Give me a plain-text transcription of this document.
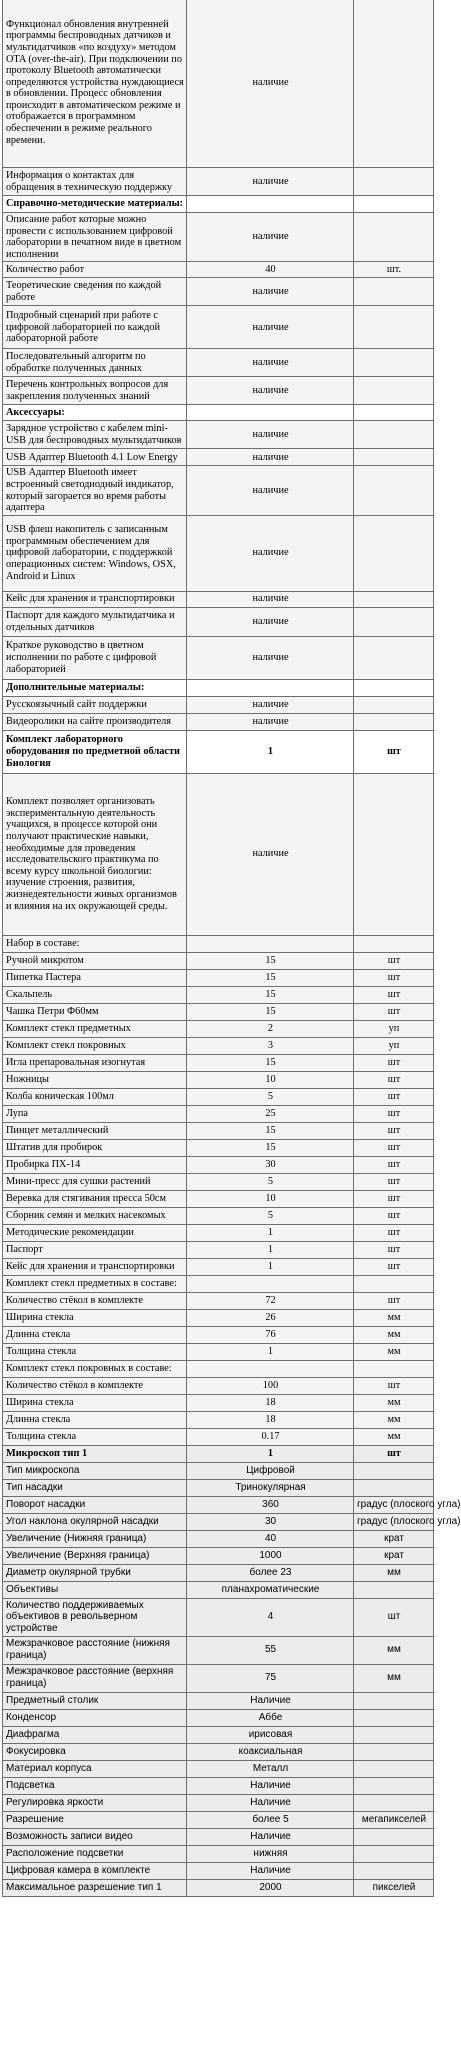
Функционал обновления внутренней программы беспроводных датчиков и мультидатчиков «по воздуху» методом OTA (over-the-air). При подключении по протоколу Bluetooth автоматически определяются устройства нуждающиеся в обновлении. Процесс обновления происходит в автоматическом режиме и отображается в программном обеспечении в режиме реального времени.	наличие	
Информация о контактах для обращения в техническую поддержку	наличие	
Справочно-методические материалы:		
Описание работ которые можно провести с использованием цифровой лаборатории в печатном виде в цветном исполнении	наличие	
Количество работ	40	шт.
Теоретические сведения по каждой работе	наличие	
Подробный сценарий при работе с цифровой лабораторией по каждой лабораторной работе	наличие	
Последовательный алгоритм по обработке полученных данных	наличие	
Перечень контрольных вопросов для закрепления полученных знаний	наличие	
Аксессуары:		
Зарядное устройство с кабелем mini-USB для беспроводных мультидатчиков	наличие	
USB Адаптер Bluetooth 4.1 Low Energy	наличие	
USB Адаптер Bluetooth имеет встроенный светодиодный индикатор, который загорается во время работы адаптера	наличие	
USB флеш накопитель с записанным программным обеспечением для цифровой лаборатории, с поддержкой операционных систем: Windows, OSX, Android и Linux	наличие	
Кейс для хранения и транспортировки	наличие	
Паспорт для каждого мультидатчика и отдельных датчиков	наличие	
Краткое руководство в цветном исполнении по работе с цифровой лабораторией	наличие	
Дополнительные материалы:		
Русскоязычный сайт поддержки	наличие	
Видеоролики на сайте производителя	наличие	
Комплект лабораторного оборудования по предметной области Биология	1	шт
Комплект позволяет организовать экспериментальную деятельность учащихся, в процессе которой они получают практические навыки, необходимые для проведения исследовательского практикума по всему курсу школьной биологии: изучение строения, развития, жизнедеятельности живых организмов и влияния на их окружающей среды.	наличие	
Набор в составе:		
Ручной микротом	15	шт
Пипетка Пастера	15	шт
Скальпель	15	шт
Чашка Петри Ф60мм	15	шт
Комплект стекл предметных	2	уп
Комплект стекл покровных	3	уп
Игла препаровальная изогнутая	15	шт
Ножницы	10	шт
Колба коническая 100мл	5	шт
Лупа	25	шт
Пинцет металлический	15	шт
Штатив для пробирок	15	шт
Пробирка ПХ-14	30	шт
Мини-пресс для сушки растений	5	шт
Веревка для стягивания пресса 50см	10	шт
Сборник семян и мелких насекомых	5	шт
Методические рекомендации	1	шт
Паспорт	1	шт
Кейс для хранения и транспортировки	1	шт
Комплект стекл предметных в составе:		
Количество стёкол в комплекте	72	шт
Ширина стекла	26	мм
Длинна стекла	76	мм
Толщина стекла	1	мм
Комплект стекл покровных в составе:		
Количество стёкол в комплекте	100	шт
Ширина стекла	18	мм
Длинна стекла	18	мм
Толщина стекла	0.17	мм
Микроскоп тип 1	1	шт
Тип микроскопа	Цифровой	
Тип насадки	Тринокулярная	
Поворот насадки	360	градус (плоского угла)
Угол наклона окулярной насадки	30	градус (плоского угла)
Увеличение (Нижняя граница)	40	крат
Увеличение (Верхняя граница)	1000	крат
Диаметр окулярной трубки	более 23	мм
Объективы	планахроматические	
Количество поддерживаемых объективов в револьверном устройстве	4	шт
Межзрачковое расстояние (нижняя граница)	55	мм
Межзрачковое расстояние (верхняя граница)	75	мм
Предметный столик	Наличие	
Конденсор	Аббе	
Диафрагма	ирисовая	
Фокусировка	коаксиальная	
Материал корпуса	Металл	
Подсветка	Наличие	
Регулировка яркости	Наличие	
Разрешение	более 5	мегапикселей
Возможность записи видео	Наличие	
Расположение подсветки	нижняя	
Цифровая камера в комплекте	Наличие	
Максимальное разрешение тип 1	2000	пикселей
